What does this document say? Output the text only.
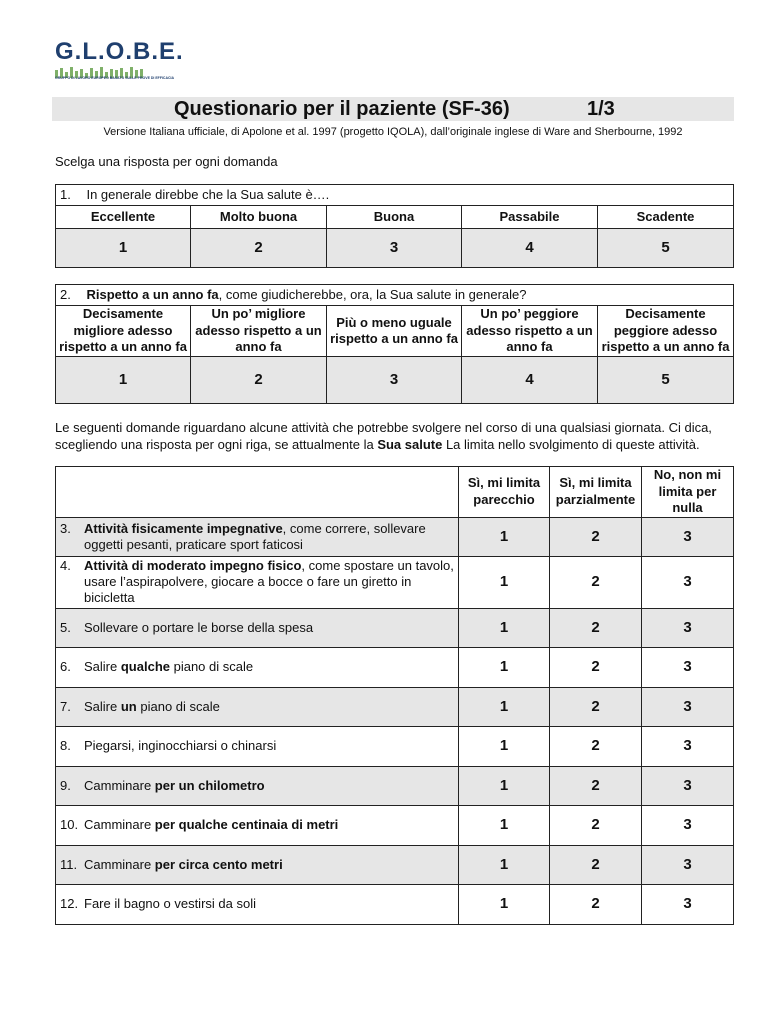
G.L.O.B.E.
GRUPPO DI LAVORO EUROPEO BASATO SULLE PROVE DI EFFICACIA
Questionario per il paziente (SF-36)	1/3
Versione Italiana ufficiale, di Apolone et al. 1997 (progetto IQOLA), dall’originale inglese di Ware and Sherbourne, 1992
Scelga una risposta per ogni domanda
1. In generale direbbe che la Sua salute è….				
Eccellente	Molto buona	Buona	Passabile	Scadente
1	2	3	4	5
2. Rispetto a un anno fa, come giudicherebbe, ora, la Sua salute in generale?				
Decisamente migliore adesso rispetto a un anno fa	Un po’ migliore adesso rispetto a un anno fa	Più o meno uguale rispetto a un anno fa	Un po’ peggiore adesso rispetto a un anno fa	Decisamente peggiore adesso rispetto a un anno fa
1	2	3	4	5
Le seguenti domande riguardano alcune attività che potrebbe svolgere nel corso di una qualsiasi giornata. Ci dica, scegliendo una risposta per ogni riga, se attualmente la Sua salute La limita nello svolgimento di queste attività.
	Sì, mi limita parecchio	Sì, mi limita parzialmente	No, non mi limita per nulla

3. Attività fisicamente impegnative, come correre, sollevare oggetti pesanti, praticare sport faticosi	1	2	3

4. Attività di moderato impegno fisico, come spostare un tavolo, usare l’aspirapolvere, giocare a bocce o fare un giretto in bicicletta	1	2	3

5. Sollevare o portare le borse della spesa	1	2	3

6. Salire qualche piano di scale	1	2	3

7. Salire un piano di scale	1	2	3

8. Piegarsi, inginocchiarsi o chinarsi	1	2	3

9. Camminare per un chilometro	1	2	3

10. Camminare per qualche centinaia di metri	1	2	3

11. Camminare per circa cento metri	1	2	3

12. Fare il bagno o vestirsi da soli	1	2	3
